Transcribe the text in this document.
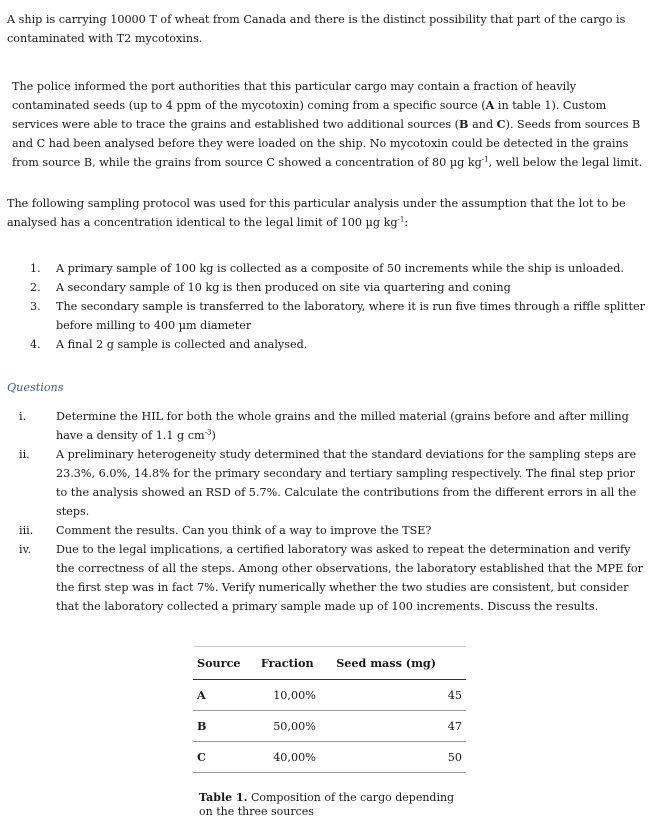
A ship is carrying 10000 T of wheat from Canada and there is the distinct possibility that part of the cargo is contaminated with T2 mycotoxins.

The police informed the port authorities that this particular cargo may contain a fraction of heavily contaminated seeds (up to 4 ppm of the mycotoxin) coming from a specific source (A in table 1). Custom services were able to trace the grains and established two additional sources (B and C). Seeds from sources B and C had been analysed before they were loaded on the ship. No mycotoxin could be detected in the grains from source B, while the grains from source C showed a concentration of 80 µg $kg^{-1}$, well below the legal limit.

The following sampling protocol was used for this particular analysis under the assumption that the lot to be analysed has a concentration identical to the legal limit of 100 µg $kg^{-1}$:

1.	A primary sample of 100 kg is collected as a composite of 50 increments while the ship is unloaded.
2.	A secondary sample of 10 kg is then produced on site via quartering and coning
3.	The secondary sample is transferred to the laboratory, where it is run five times through a riffle splitter before milling to 400 µm diameter
4.	A final 2 g sample is collected and analysed.
Questions
i.	Determine the HIL for both the whole grains and the milled material (grains before and after milling have a density of 1.1 g $cm^{-3}$)
ii.	A preliminary heterogeneity study determined that the standard deviations for the sampling steps are 23.3%, 6.0%, 14.8% for the primary secondary and tertiary sampling respectively. The final step prior to the analysis showed an RSD of 5.7%. Calculate the contributions from the different errors in all the steps.
iii.	Comment the results. Can you think of a way to improve the TSE?
iv.	Due to the legal implications, a certified laboratory was asked to repeat the determination and verify the correctness of all the steps. Among other observations, the laboratory established that the MPE for the first step was in fact 7%. Verify numerically whether the two studies are consistent, but consider that the laboratory collected a primary sample made up of 100 increments. Discuss the results.
Source	Fraction	Seed mass (mg)
A	10,00%	45
B	50,00%	47
C	40,00%	50
Table 1. Composition of the cargo depending on the three sources
